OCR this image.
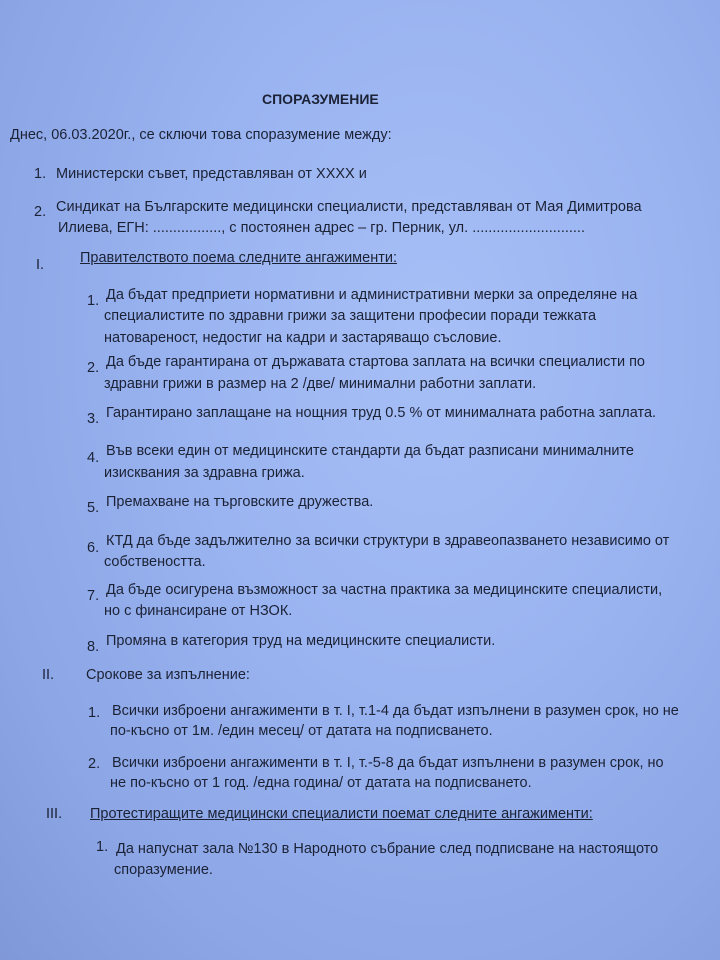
СПОРАЗУМЕНИЕ
Днес, 06.03.2020г., се сключи това споразумение между:
1. Министерски съвет, представляван от ХХХХ и
2. Синдикат на Българските медицински специалисти, представляван от Мая Димитрова
Илиева, ЕГН: ................., с постоянен адрес – гр. Перник, ул. ............................
I. Правителството поема следните ангажименти:
1. Да бъдат предприети нормативни и административни мерки за определяне на
специалистите по здравни грижи за защитени професии поради тежката
натовареност, недостиг на кадри и застаряващо съсловие.
2. Да бъде гарантирана от държавата стартова заплата на всички специалисти по
здравни грижи в размер на 2 /две/ минимални работни заплати.
3. Гарантирано заплащане на нощния труд 0.5 % от минималната работна заплата.
4. Във всеки един от медицинските стандарти да бъдат разписани минималните
изисквания за здравна грижа.
5. Премахване на търговските дружества.
6. КТД да бъде задължително за всички структури в здравеопазването независимо от
собствеността.
7. Да бъде осигурена възможност за частна практика за медицинските специалисти,
но с финансиране от НЗОК.
8. Промяна в категория труд на медицинските специалисти.
II. Срокове за изпълнение:
1. Всички изброени ангажименти в т. I, т.1-4 да бъдат изпълнени в разумен срок, но не
по-късно от 1м. /един месец/ от датата на подписването.
2. Всички изброени ангажименти в т. I, т.-5-8 да бъдат изпълнени в разумен срок, но
не по-късно от 1 год. /една година/ от датата на подписването.
III. Протестиращите медицински специалисти поемат следните ангажименти:
1. Да напуснат зала №130 в Народното събрание след подписване на настоящото
споразумение.
